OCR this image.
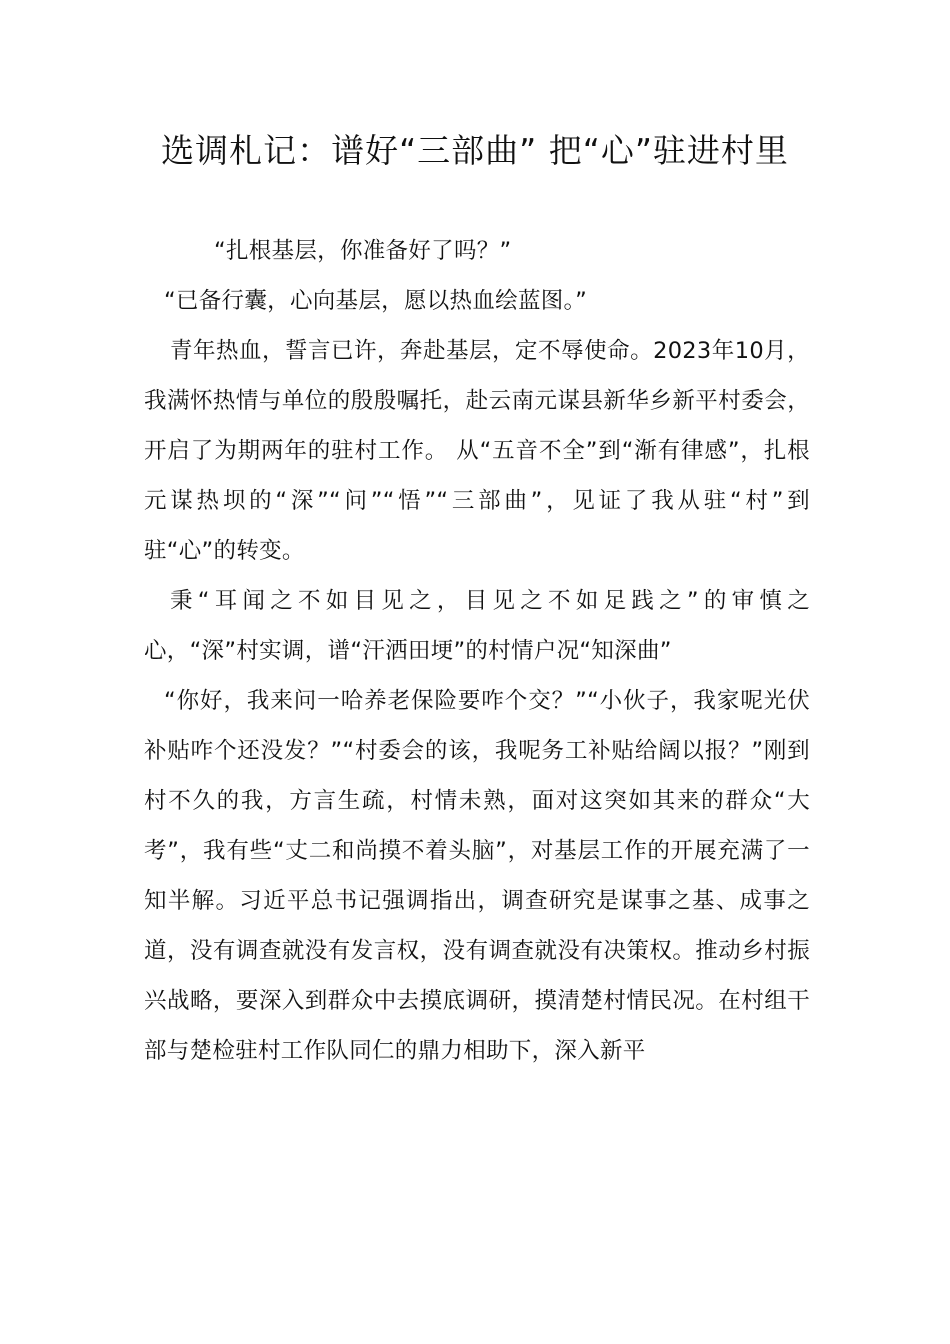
选调札记：谱好“三部曲” 把“心”驻进村里

“扎根基层，你准备好了吗？”

“已备行囊，心向基层，愿以热血绘蓝图。”

青年热血，誓言已许，奔赴基层，定不辱使命。2023年10月，我满怀热情与单位的殷殷嘱托，赴云南元谋县新华乡新平村委会，开启了为期两年的驻村工作。 从“五音不全”到“渐有律感”，扎根元谋热坝的“深”“问”“悟”“三部曲”，见证了我从驻“村”到驻“心”的转变。

秉“耳闻之不如目见之，目见之不如足践之”的审慎之心，“深”村实调，谱“汗洒田埂”的村情户况“知深曲”

“你好，我来问一哈养老保险要咋个交？”“小伙子，我家呢光伏补贴咋个还没发？”“村委会的该，我呢务工补贴给阔以报？”刚到村不久的我，方言生疏，村情未熟，面对这突如其来的群众“大考”，我有些“丈二和尚摸不着头脑”，对基层工作的开展充满了一知半解。习近平总书记强调指出，调查研究是谋事之基、成事之道，没有调查就没有发言权，没有调查就没有决策权。推动乡村振兴战略，要深入到群众中去摸底调研，摸清楚村情民况。在村组干部与楚检驻村工作队同仁的鼎力相助下，深入新平
